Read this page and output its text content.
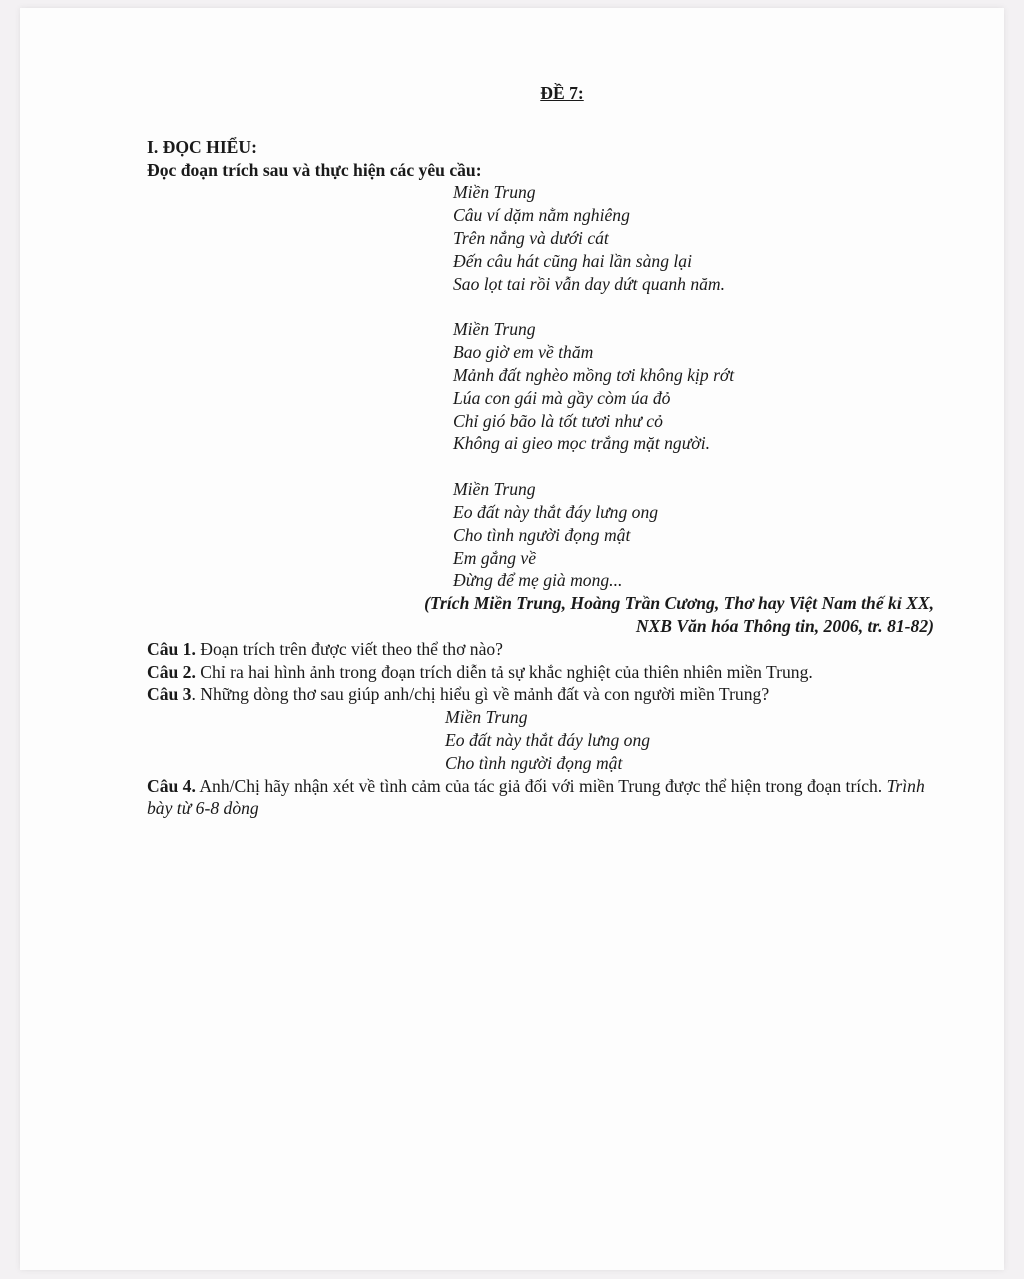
ĐỀ 7:
I. ĐỌC HIỂU:
Đọc đoạn trích sau và thực hiện các yêu cầu:
Miền Trung
Câu ví dặm nằm nghiêng
Trên nắng và dưới cát
Đến câu hát cũng hai lần sàng lại
Sao lọt tai rồi vẫn day dứt quanh năm.
Miền Trung
Bao giờ em về thăm
Mảnh đất nghèo mồng tơi không kịp rớt
Lúa con gái mà gầy còm úa đỏ
Chỉ gió bão là tốt tươi như cỏ
Không ai gieo mọc trắng mặt người.
Miền Trung
Eo đất này thắt đáy lưng ong
Cho tình người đọng mật
Em gắng về
Đừng để mẹ già mong...
(Trích Miền Trung, Hoàng Trần Cương, Thơ hay Việt Nam thế kỉ XX,
NXB Văn hóa Thông tin, 2006, tr. 81-82)
Câu 1. Đoạn trích trên được viết theo thể thơ nào?
Câu 2. Chỉ ra hai hình ảnh trong đoạn trích diễn tả sự khắc nghiệt của thiên nhiên miền Trung.
Câu 3. Những dòng thơ sau giúp anh/chị hiểu gì về mảnh đất và con người miền Trung?
Miền Trung
Eo đất này thắt đáy lưng ong
Cho tình người đọng mật
Câu 4. Anh/Chị hãy nhận xét về tình cảm của tác giả đối với miền Trung được thể hiện trong đoạn trích. Trình bày từ 6-8 dòng
